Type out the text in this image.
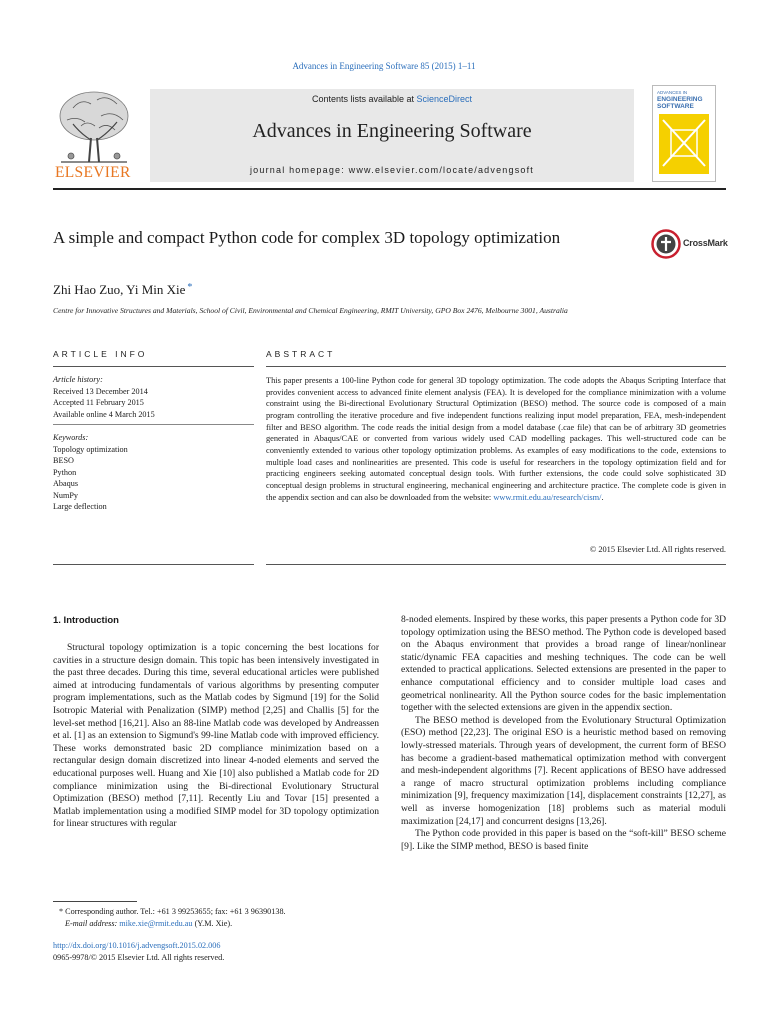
Advances in Engineering Software 85 (2015) 1–11
ELSEVIER
Contents lists available at ScienceDirect
Advances in Engineering Software
journal homepage: www.elsevier.com/locate/advengsoft
ADVANCES IN
ENGINEERING
SOFTWARE
A simple and compact Python code for complex 3D topology optimization	CrossMark
Zhi Hao Zuo, Yi Min Xie *
Centre for Innovative Structures and Materials, School of Civil, Environmental and Chemical Engineering, RMIT University, GPO Box 2476, Melbourne 3001, Australia
ARTICLE INFO	ABSTRACT
Article history:
Received 13 December 2014
Accepted 11 February 2015
Available online 4 March 2015
Keywords:
Topology optimization
BESO
Python
Abaqus
NumPy
Large deflection
This paper presents a 100-line Python code for general 3D topology optimization. The code adopts the Abaqus Scripting Interface that provides convenient access to advanced finite element analysis (FEA). It is developed for the compliance minimization with a volume constraint using the Bi-directional Evolutionary Structural Optimization (BESO) method. The source code is composed of a main program controlling the iterative procedure and five independent functions realizing input model preparation, FEA, mesh-independent filter and BESO algorithm. The code reads the initial design from a model database (.cae file) that can be of arbitrary 3D geometries generated in Abaqus/CAE or converted from various widely used CAD modelling packages. This well-structured code can be conveniently extended to various other topology optimization problems. As examples of easy modifications to the code, extensions to multiple load cases and nonlinearities are presented. This code is useful for researchers in the topology optimization field and for practicing engineers seeking automated conceptual design tools. With further extensions, the code could solve sophisticated 3D conceptual design problems in structural engineering, mechanical engineering and architecture practice. The complete code is given in the appendix section and can also be downloaded from the website: www.rmit.edu.au/research/cism/.
© 2015 Elsevier Ltd. All rights reserved.
1. Introduction

Structural topology optimization is a topic concerning the best locations for cavities in a structure design domain. This topic has been intensively investigated in the past three decades. During this time, several educational articles were published aimed at introducing fundamentals of various algorithms by presenting computer program implementations, such as the Matlab codes by Sigmund [19] for the Solid Isotropic Material with Penalization (SIMP) method [2,25] and Challis [5] for the level-set method [16,21]. Also an 88-line Matlab code was developed by Andreassen et al. [1] as an extension to Sigmund's 99-line Matlab code with improved efficiency. These works demonstrated basic 2D compliance minimization based on a rectangular design domain discretized into linear 4-noded elements and served the educational purposes well. Huang and Xie [10] also published a Matlab code for 2D compliance minimization using the Bi-directional Evolutionary Structural Optimization (BESO) method [7,11]. Recently Liu and Tovar [15] presented a Matlab implementation using a modified SIMP model for 3D topology optimization for linear structures with regular

8-noded elements. Inspired by these works, this paper presents a Python code for 3D topology optimization using the BESO method. The Python code is developed based on the Abaqus environment that provides a broad range of linear/nonlinear static/dynamic FEA capacities and meshing techniques. The code can be well extended to practical applications. Selected extensions are presented in the paper to enhance computational efficiency and to consider multiple load cases and geometrical nonlinearity. All the Python source codes for the basic implementation together with the selected extensions are given in the appendix section.

The BESO method is developed from the Evolutionary Structural Optimization (ESO) method [22,23]. The original ESO is a heuristic method based on removing lowly-stressed materials. Through years of development, the current form of BESO has become a gradient-based mathematical optimization method with convergent and mesh-independent algorithms [7]. Recent applications of BESO have addressed a range of macro structural optimization problems including compliance minimization [9], frequency maximization [14], displacement constraints [12,27], as well as inverse homogenization [18] problems such as material moduli maximization [24,17] and concurrent designs [13,26].

The Python code provided in this paper is based on the “soft-kill” BESO scheme [9]. Like the SIMP method, BESO is based finite

* Corresponding author. Tel.: +61 3 99253655; fax: +61 3 96390138.
E-mail address: mike.xie@rmit.edu.au (Y.M. Xie).
http://dx.doi.org/10.1016/j.advengsoft.2015.02.006
0965-9978/© 2015 Elsevier Ltd. All rights reserved.
